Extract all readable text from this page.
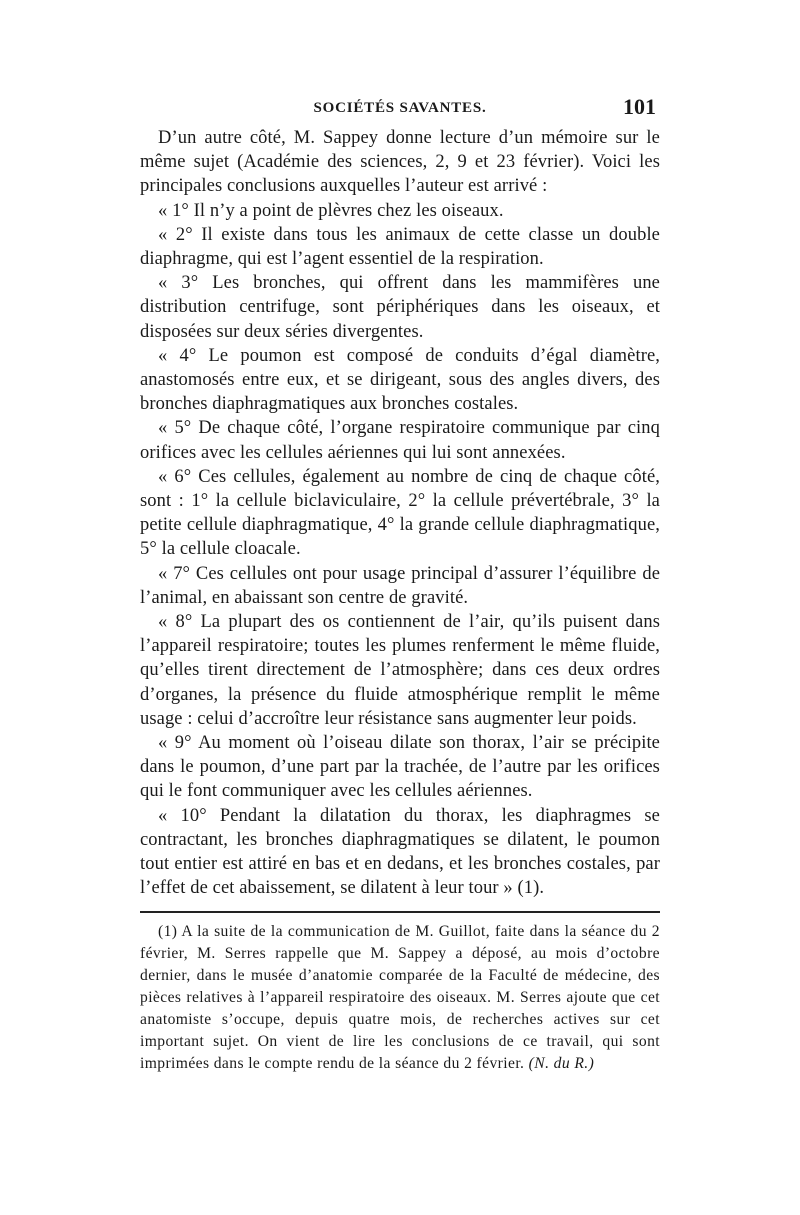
SOCIÉTÉS SAVANTES.	101

D’un autre côté, M. Sappey donne lecture d’un mémoire sur le même sujet (Académie des sciences, 2, 9 et 23 février). Voici les principales conclusions auxquelles l’auteur est arrivé :

« 1° Il n’y a point de plèvres chez les oiseaux.

« 2° Il existe dans tous les animaux de cette classe un double diaphragme, qui est l’agent essentiel de la respiration.

« 3° Les bronches, qui offrent dans les mammifères une distribution centrifuge, sont périphériques dans les oiseaux, et disposées sur deux séries divergentes.

« 4° Le poumon est composé de conduits d’égal diamètre, anastomosés entre eux, et se dirigeant, sous des angles divers, des bronches diaphragmatiques aux bronches costales.

« 5° De chaque côté, l’organe respiratoire communique par cinq orifices avec les cellules aériennes qui lui sont annexées.

« 6° Ces cellules, également au nombre de cinq de chaque côté, sont : 1° la cellule biclaviculaire, 2° la cellule prévertébrale, 3° la petite cellule diaphragmatique, 4° la grande cellule diaphragmatique, 5° la cellule cloacale.

« 7° Ces cellules ont pour usage principal d’assurer l’équilibre de l’animal, en abaissant son centre de gravité.

« 8° La plupart des os contiennent de l’air, qu’ils puisent dans l’appareil respiratoire; toutes les plumes renferment le même fluide, qu’elles tirent directement de l’atmosphère; dans ces deux ordres d’organes, la présence du fluide atmosphérique remplit le même usage : celui d’accroître leur résistance sans augmenter leur poids.

« 9° Au moment où l’oiseau dilate son thorax, l’air se précipite dans le poumon, d’une part par la trachée, de l’autre par les orifices qui le font communiquer avec les cellules aériennes.

« 10° Pendant la dilatation du thorax, les diaphragmes se contractant, les bronches diaphragmatiques se dilatent, le poumon tout entier est attiré en bas et en dedans, et les bronches costales, par l’effet de cet abaissement, se dilatent à leur tour » (1).

(1) A la suite de la communication de M. Guillot, faite dans la séance du 2 février, M. Serres rappelle que M. Sappey a déposé, au mois d’octobre dernier, dans le musée d’anatomie comparée de la Faculté de médecine, des pièces relatives à l’appareil respiratoire des oiseaux. M. Serres ajoute que cet anatomiste s’occupe, depuis quatre mois, de recherches actives sur cet important sujet. On vient de lire les conclusions de ce travail, qui sont imprimées dans le compte rendu de la séance du 2 février. (N. du R.)
